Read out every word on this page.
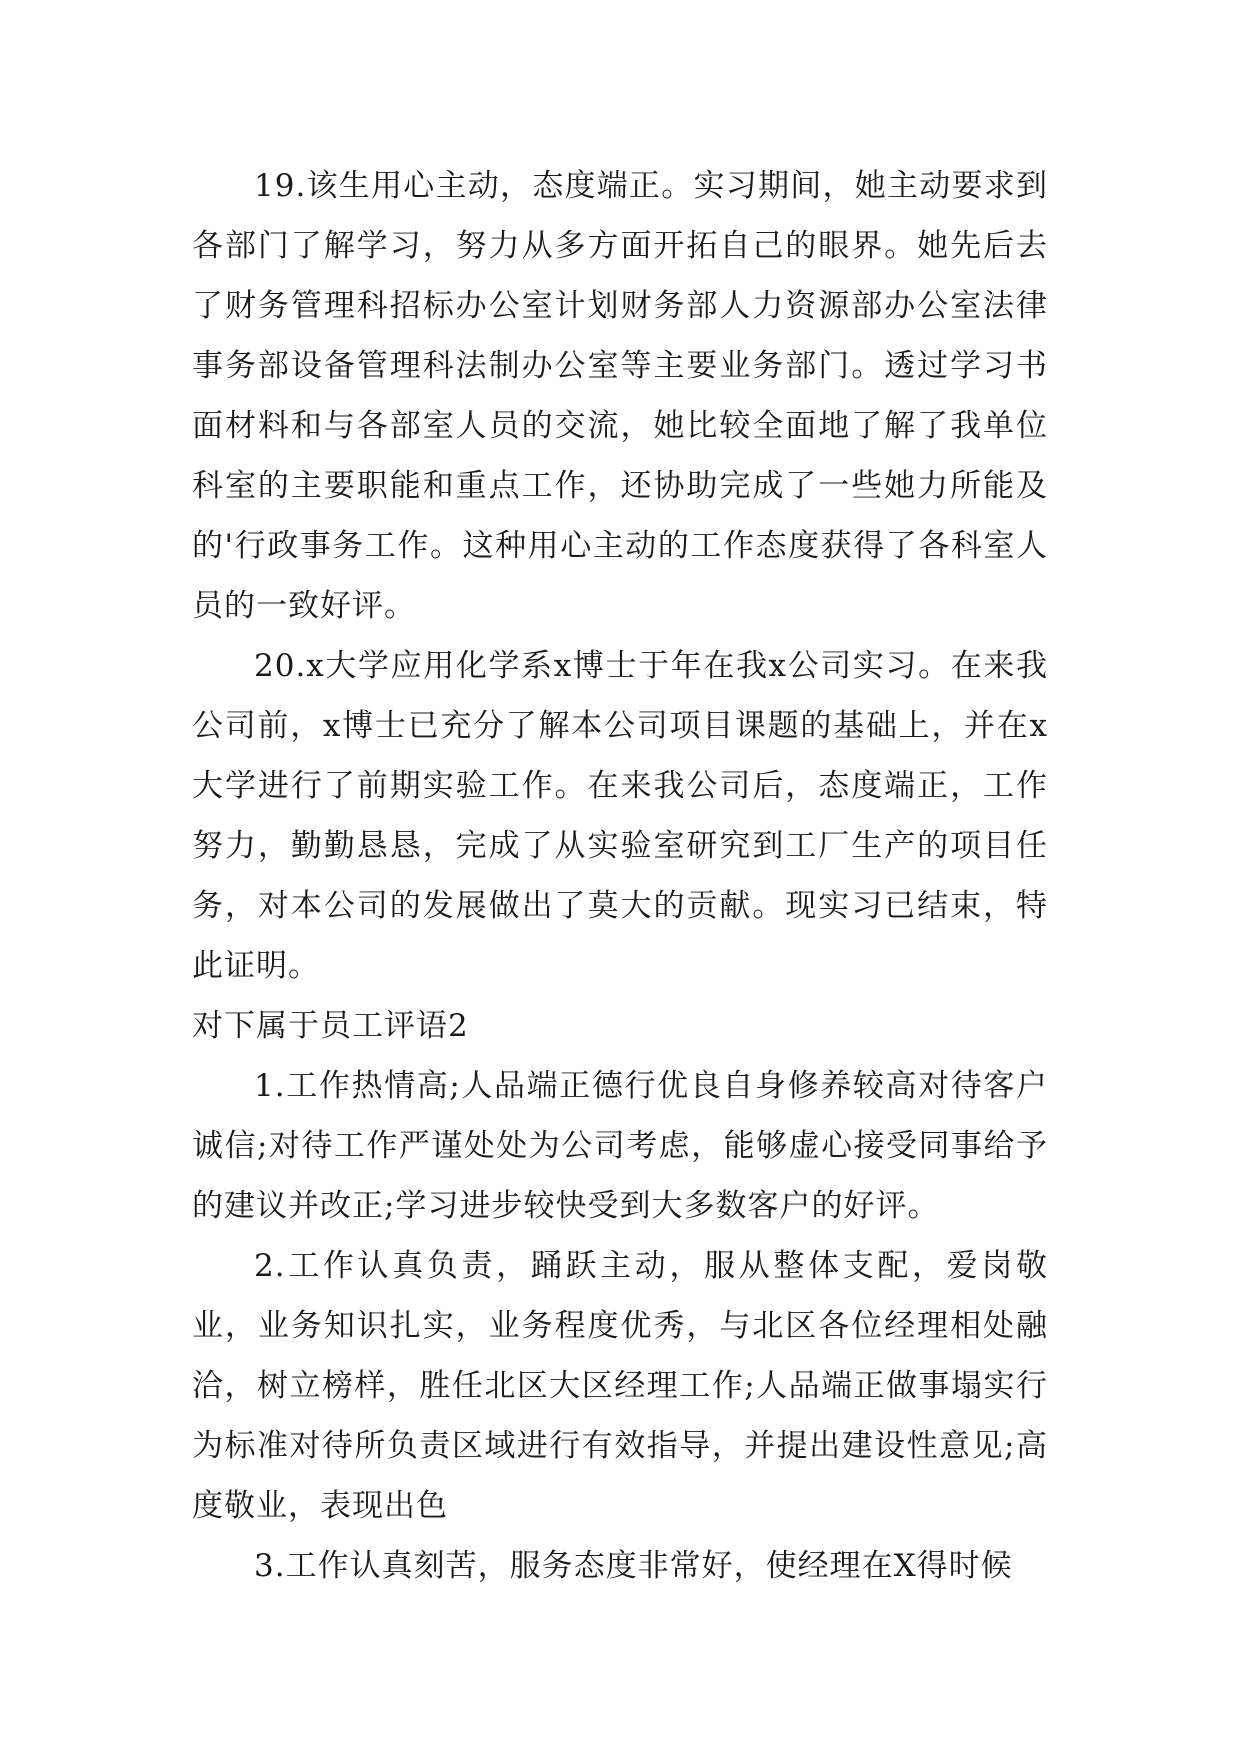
19.该生用心主动，态度端正。实习期间，她主动要求到各部门了解学习，努力从多方面开拓自己的眼界。她先后去了财务管理科招标办公室计划财务部人力资源部办公室法律事务部设备管理科法制办公室等主要业务部门。透过学习书面材料和与各部室人员的交流，她比较全面地了解了我单位科室的主要职能和重点工作，还协助完成了一些她力所能及的'行政事务工作。这种用心主动的工作态度获得了各科室人员的一致好评。

20.x大学应用化学系x博士于年在我x公司实习。在来我公司前，x博士已充分了解本公司项目课题的基础上，并在x大学进行了前期实验工作。在来我公司后，态度端正，工作努力，勤勤恳恳，完成了从实验室研究到工厂生产的项目任务，对本公司的发展做出了莫大的贡献。现实习已结束，特此证明。

对下属于员工评语2

1.工作热情高;人品端正德行优良自身修养较高对待客户诚信;对待工作严谨处处为公司考虑，能够虚心接受同事给予的建议并改正;学习进步较快受到大多数客户的好评。

2.工作认真负责，踊跃主动，服从整体支配，爱岗敬业，业务知识扎实，业务程度优秀，与北区各位经理相处融洽，树立榜样，胜任北区大区经理工作;人品端正做事塌实行为标准对待所负责区域进行有效指导，并提出建设性意见;高度敬业，表现出色

3.工作认真刻苦，服务态度非常好，使经理在X得时候
